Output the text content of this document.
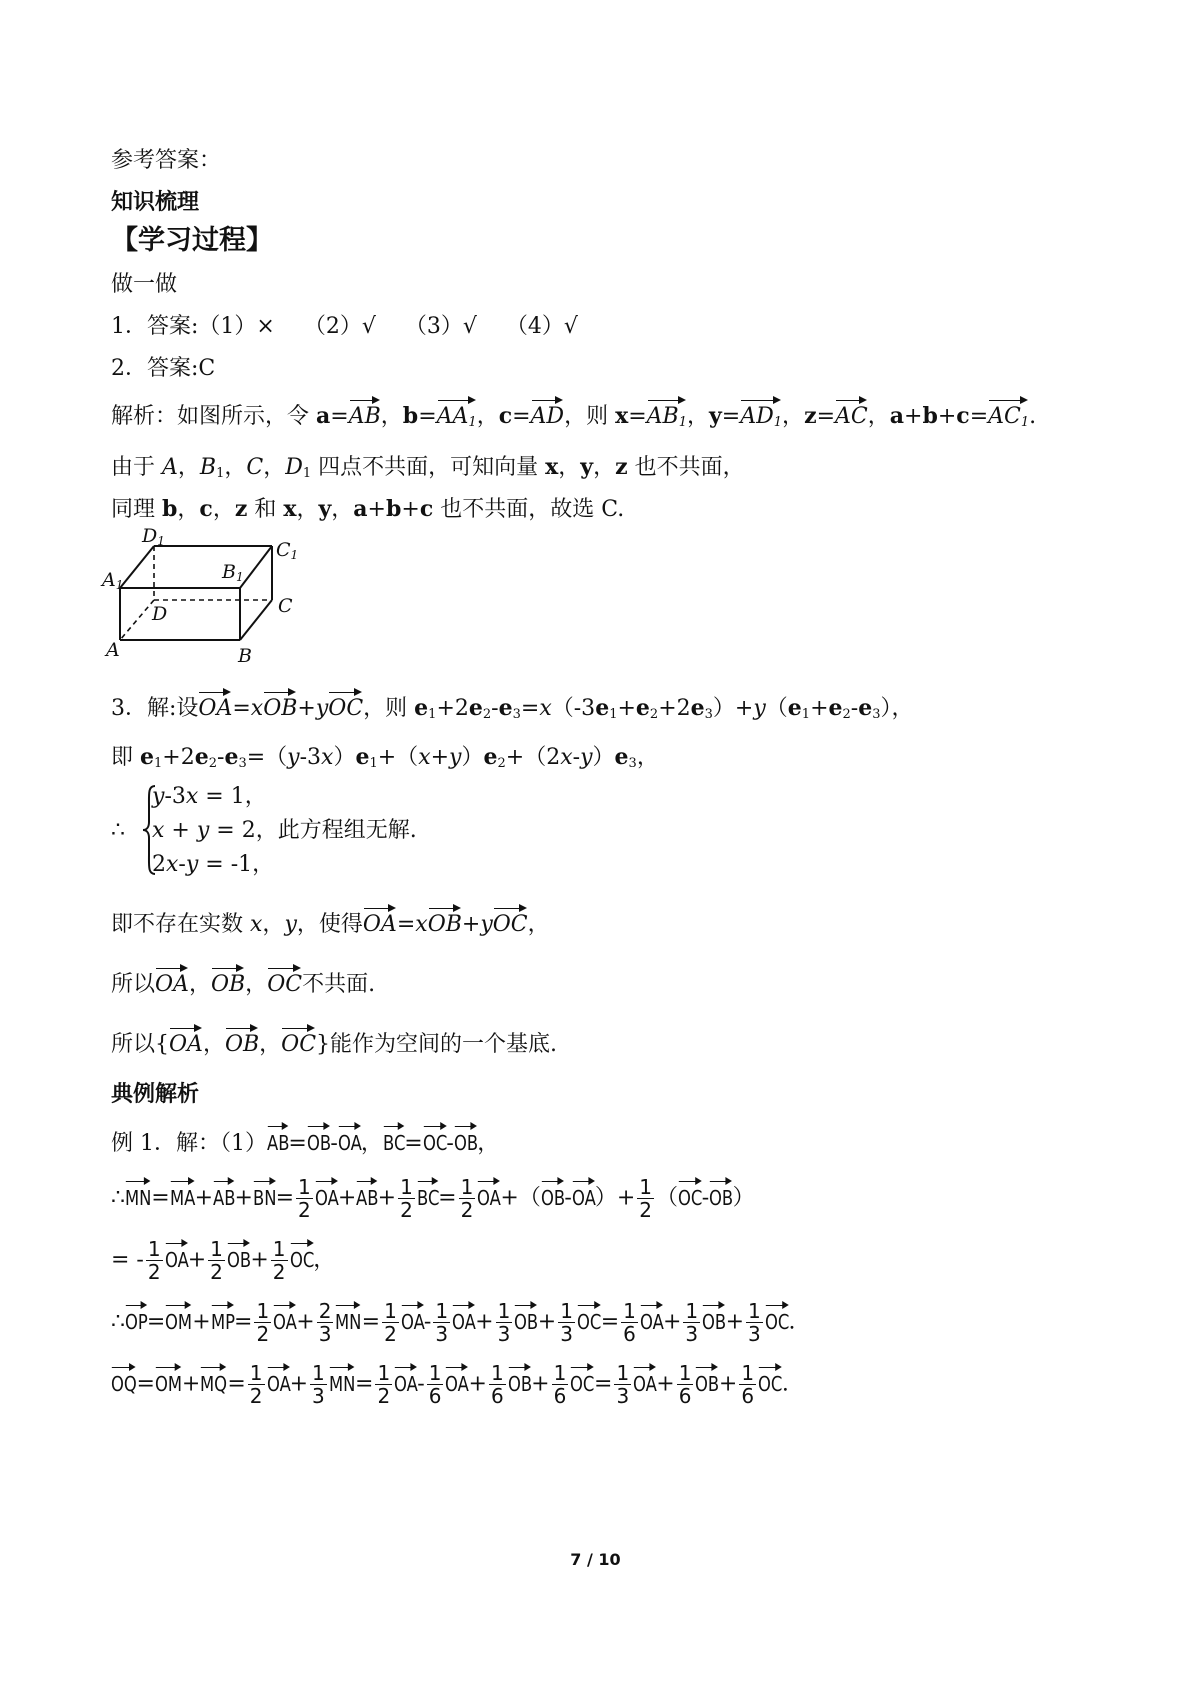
参考答案：
知识梳理
【学习过程】
做一做
1．答案:（1）×　 （2）√　 （3）√　 （4）√
2．答案:C
解析：如图所示，令 a=AB，$b=AA_1$，c=AD，则 $x=AB_1$，$y=AD_1$，z=AC，$a+b+c=AC_1$.
由于 A，$B_1$，C，$D_1$ 四点不共面，可知向量 x，y，z 也不共面，
同理 b，c，z 和 x，y，a+b+c 也不共面，故选 C.
D1	C1
A1
B1
D	C
A	B
3．解:设OA=xOB+yOC，则 $e_1+2e_2-e_3=x(-3e_1+e_2+2e_3)+y(e_1+e_2-e_3)$，
即 $e_1+2e_2-e_3=(y-3x)e_1+(x+y)e_2+(2x-y)e_3$，
∴
y-3x = 1，
x + y = 2，此方程组无解.
2x-y = -1，
即不存在实数 x，y，使得OA=xOB+yOC，
所以OA，OB，OC不共面.
所以{OA，OB，OC}能作为空间的一个基底.
典例解析
例 1．解：（1）AB=OB-OA，BC=OC-OB，
∴MN=MA+AB+BN= $\frac{1}{2} OA+AB+ \frac{1}{2} BC= \frac{1}{2} OA+(OB-OA)+ \frac{1}{2} (OC-OB)$
= - $\frac{1}{2} OA+ \frac{1}{2} OB+ \frac{1}{2}$ OC，
∴OP=OM+MP= $\frac{1}{2} OA+ \frac{2}{3} MN= \frac{1}{2} OA- \frac{1}{3} OA+ \frac{1}{3} OB+ \frac{1}{3} OC= \frac{1}{6} OA+ \frac{1}{3} OB+ \frac{1}{3}$ OC.
$OQ=OM+MQ= \frac{1}{2} OA+ \frac{1}{3} MN= \frac{1}{2} OA- \frac{1}{6} OA+ \frac{1}{6} OB+ \frac{1}{6} OC= \frac{1}{3} OA+ \frac{1}{6} OB+ \frac{1}{6}$ OC.
7 / 10
